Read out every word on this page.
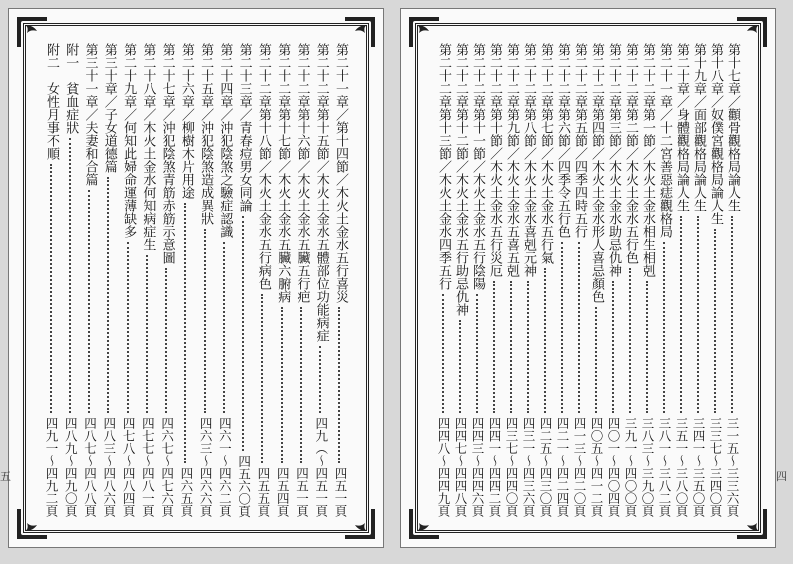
第二十一章／第十四節／木火土金水五行喜災
四五一頁
第二十二章第十五節／木火土金水五體部位功能病症
四九（～四五一頁
第二十二章第十六節／木火土金水五臟五行疤
四五一頁
第二十二章第十七節／木火土金水五臟六腑病
四五四頁
第二十二章第十八節／木火土金水五行病色
四五五頁
第二十三章／青春痘男女同論
四五六〇頁
第二十四章／沖犯陰煞之驗症認識
四六一～四六二頁
第二十五章／沖犯陰煞造成異狀
四六三～四六六頁
第二十六章／柳樹木片用途
四六五頁
第二十七章／沖犯陰煞青筋赤筋示意圖
四六七～四七六頁
第二十八章／木火土金水何知病症生
四七七～四八一頁
第二十九章／何知此婦命運薄缺多
四七八～四八四頁
第三十章／子女道德篇
四八三～四八六頁
第三十一章／夫妻和合篇
四八七～四八八頁
附一　貧血症狀
四八九～四九〇頁
附二　女性月事不順
四九一～四九二頁
第十七章／顴骨觀格局論人生
三一五～三三六頁
第十八章／奴僕宮觀格局論人生
三三七～三四〇頁
第十九章／面部觀格局論人生
三四一～三五〇頁
第二十章／身體觀格局論人生
三五一～三八〇頁
第二十一章／十二宮善惡痣觀格局
三八一～三八二頁
第二十二章第一節／木火土金水相生相剋
三八三～三九〇頁
第二十二章第二節／木火土金水五行色
三九一～四〇〇頁
第二十二章第三節／木火土金水助忌仇神
四〇一～四〇四頁
第二十二章第四節／木火土金水形人喜忌顏色
四〇五～四一二頁
第二十二章第五節／四季四時五行
四一三～四二〇頁
第二十二章第六節／四季令五行色
四二一～四二四頁
第二十二章第七節／木火土金水五行氣
四二五～四三〇頁
第二十二章第八節／木火土金水喜剋元神
四三一～四三六頁
第二十二章第九節／木火土金水五喜五剋
四三七～四四〇頁
第二十二章第十節／木火土金水五行災厄
四四一～四四二頁
第二十二章第十一節／木火土金水五行陰陽
四四三～四四六頁
第二十二章第十二節／木火土金水五行助忌仇神
四四七～四四八頁
第二十二章第十三節／木火土金水四季五行
四四八～四四九頁
五	四
